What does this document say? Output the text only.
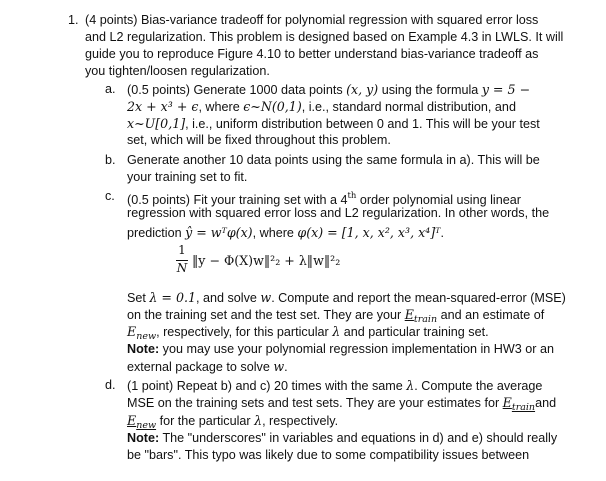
1. (4 points) Bias-variance tradeoff for polynomial regression with squared error loss
and L2 regularization. This problem is designed based on Example 4.3 in LWLS. It will
guide you to reproduce Figure 4.10 to better understand bias-variance tradeoff as
you tighten/loosen regularization.
a. (0.5 points) Generate 1000 data points (x, y) using the formula y = 5 −
2x + x³ + ϵ, where ϵ~N(0,1), i.e., standard normal distribution, and
x~U[0,1], i.e., uniform distribution between 0 and 1. This will be your test
set, which will be fixed throughout this problem.
b. Generate another 10 data points using the same formula in a). This will be
your training set to fit.
c. (0.5 points) Fit your training set with a 4th order polynomial using linear
regression with squared error loss and L2 regularization. In other words, the
prediction ŷ = wᵀφ(x), where φ(x) = [1, x, x², x³, x⁴]ᵀ.
1
N ‖y − Φ(X)w‖²₂ + λ‖w‖²₂
Set λ = 0.1, and solve w. Compute and report the mean-squared-error (MSE)
on the training set and the test set. They are your $E_{train}$ and an estimate of
$E_{new}$, respectively, for this particular λ and particular training set.
Note: you may use your polynomial regression implementation in HW3 or an
external package to solve w.
d. (1 point) Repeat b) and c) 20 times with the same λ. Compute the average
MSE on the training sets and test sets. They are your estimates for $E_{train}and$
$E_{new}$ for the particular λ, respectively.
Note: The "underscores" in variables and equations in d) and e) should really
be "bars". This typo was likely due to some compatibility issues between
